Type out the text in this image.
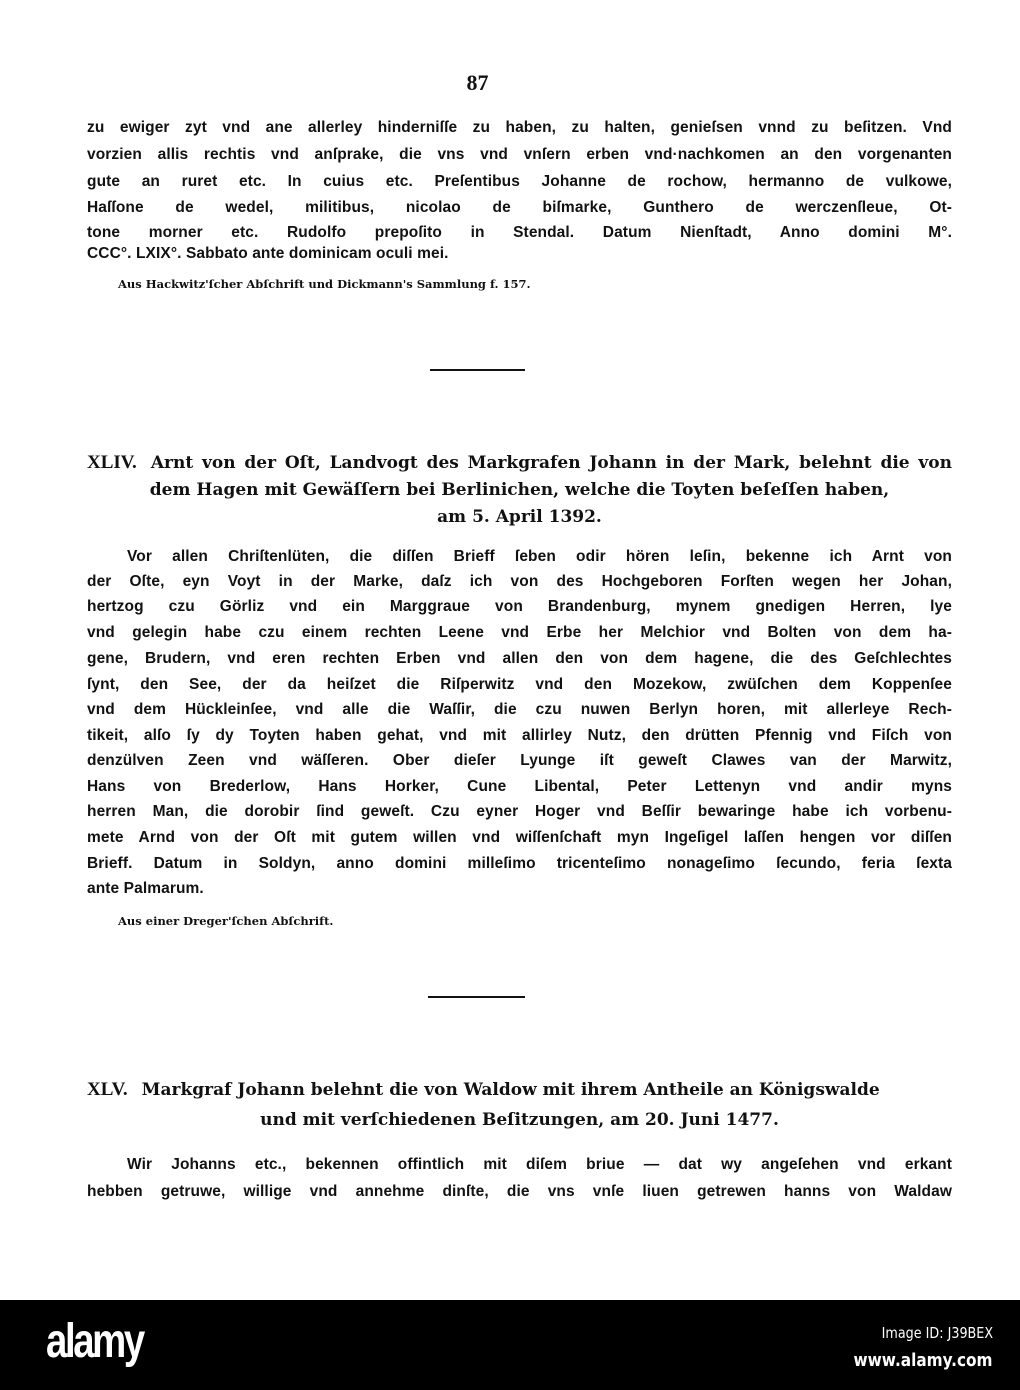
87
zu ewiger zyt vnd ane allerley hinderniſſe zu haben, zu halten, genieſsen vnnd zu beſitzen. Vnd
vorzien allis rechtis vnd anſprake, die vns vnd vnſern erben vnd·nachkomen an den vorgenanten
gute an ruret etc. In cuius etc. Preſentibus Johanne de rochow, hermanno de vulkowe,
Haſſone de wedel, militibus, nicolao de biſmarke, Gunthero de werczenſleue, Ot-
tone morner etc. Rudolfo prepoſito in Stendal. Datum Nienſtadt, Anno domini M°.
CCC°. LXIX°. Sabbato ante dominicam oculi mei.
Aus Hackwitz'ſcher Abſchrift und Dickmann's Sammlung f. 157.
XLIV. Arnt von der Oſt, Landvogt des Markgrafen Johann in der Mark, belehnt die von
dem Hagen mit Gewäſſern bei Berlinichen, welche die Toyten beſeſſen haben,
am 5. April 1392.
Vor allen Chriſtenlüten, die diſſen Brieff ſeben odir hören leſin, bekenne ich Arnt von
der Oſte, eyn Voyt in der Marke, daſz ich von des Hochgeboren Forſten wegen her Johan,
hertzog czu Görliz vnd ein Marggraue von Brandenburg, mynem gnedigen Herren, lye
vnd gelegin habe czu einem rechten Leene vnd Erbe her Melchior vnd Bolten von dem ha-
gene, Brudern, vnd eren rechten Erben vnd allen den von dem hagene, die des Geſchlechtes
ſynt, den See, der da heiſzet die Riſperwitz vnd den Mozekow, zwüſchen dem Koppenſee
vnd dem Hückleinſee, vnd alle die Waſſir, die czu nuwen Berlyn horen, mit allerleye Rech-
tikeit, alſo ſy dy Toyten haben gehat, vnd mit allirley Nutz, den drütten Pfennig vnd Fiſch von
denzülven Zeen vnd wäſſeren. Ober dieſer Lyunge iſt geweſt Clawes van der Marwitz,
Hans von Brederlow, Hans Horker, Cune Libental, Peter Lettenyn vnd andir myns
herren Man, die dorobir ſind geweſt. Czu eyner Hoger vnd Beſſir bewaringe habe ich vorbenu-
mete Arnd von der Oſt mit gutem willen vnd wiſſenſchaft myn Ingeſigel laſſen hengen vor diſſen
Brieff. Datum in Soldyn, anno domini milleſimo tricenteſimo nonageſimo ſecundo, feria ſexta
ante Palmarum.
Aus einer Dreger'ſchen Abſchrift.
XLV. Markgraf Johann belehnt die von Waldow mit ihrem Antheile an Königswalde
und mit verſchiedenen Beſitzungen, am 20. Juni 1477.
Wir Johanns etc., bekennen offintlich mit diſem briue — dat wy angeſehen vnd erkant
hebben getruwe, willige vnd annehme dinſte, die vns vnſe liuen getrewen hanns von Waldaw
alamy	Image ID: J39BEX
www.alamy.com
